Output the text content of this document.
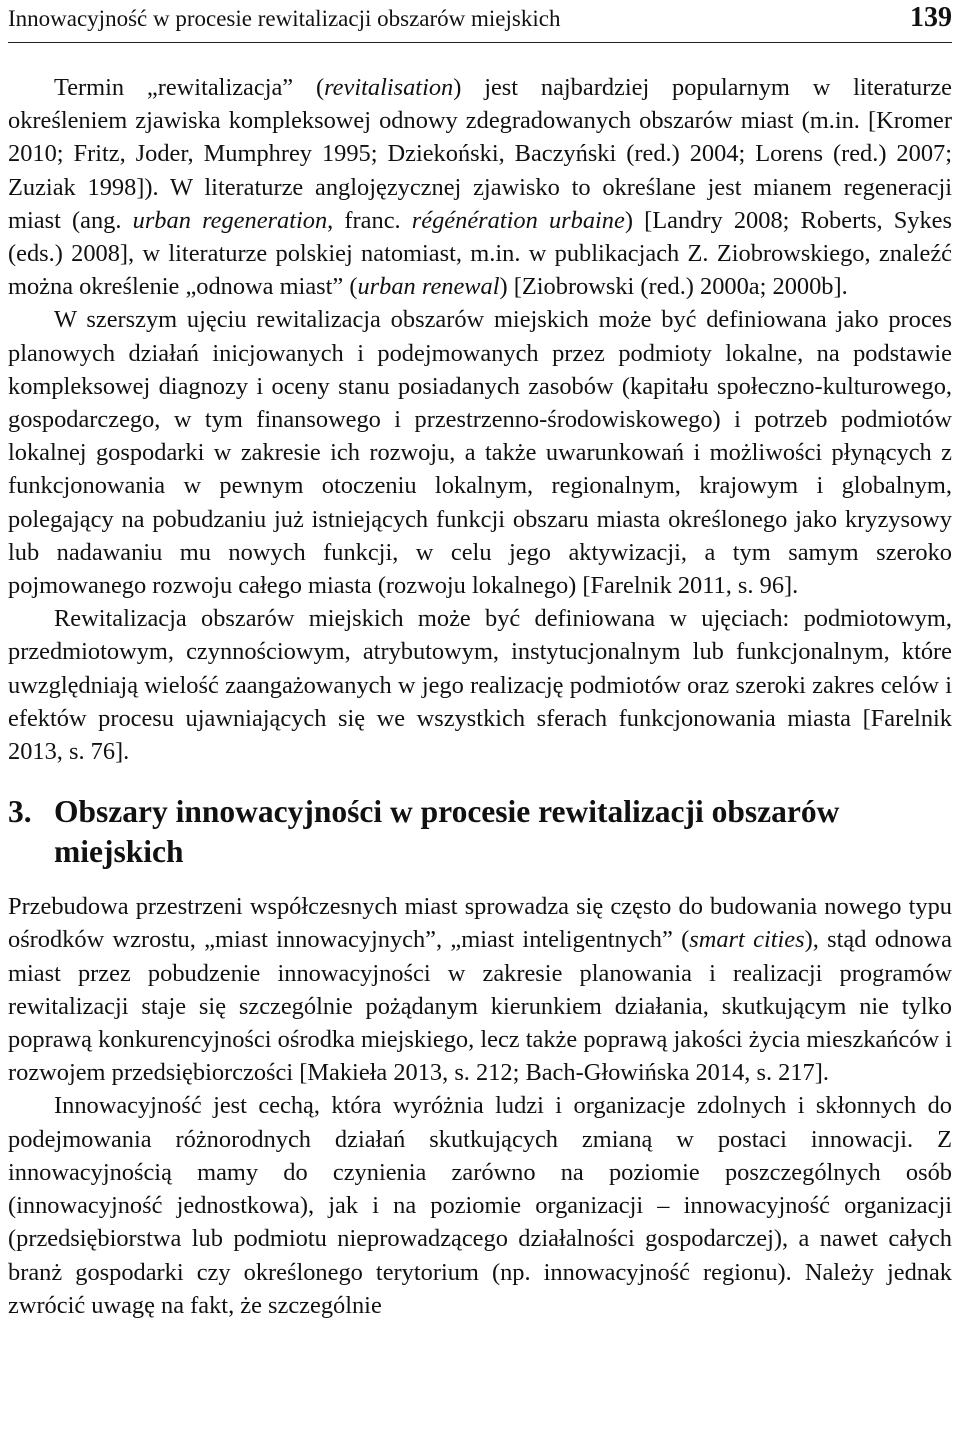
Innowacyjność w procesie rewitalizacji obszarów miejskich	139

Termin „rewitalizacja” (revitalisation) jest najbardziej popularnym w literaturze określeniem zjawiska kompleksowej odnowy zdegradowanych obszarów miast (m.in. [Kromer 2010; Fritz, Joder, Mumphrey 1995; Dziekoński, Baczyński (red.) 2004; Lorens (red.) 2007; Zuziak 1998]). W literaturze anglojęzycznej zjawisko to określane jest mianem regeneracji miast (ang. urban regeneration, franc. régénération urbaine) [Landry 2008; Roberts, Sykes (eds.) 2008], w literaturze polskiej natomiast, m.in. w publikacjach Z. Ziobrowskiego, znaleźć można określenie „odnowa miast” (urban renewal) [Ziobrowski (red.) 2000a; 2000b].

W szerszym ujęciu rewitalizacja obszarów miejskich może być definiowana jako proces planowych działań inicjowanych i podejmowanych przez podmioty lokalne, na podstawie kompleksowej diagnozy i oceny stanu posiadanych zasobów (kapitału społeczno-kulturowego, gospodarczego, w tym finansowego i przestrzenno-środowiskowego) i potrzeb podmiotów lokalnej gospodarki w zakresie ich rozwoju, a także uwarunkowań i możliwości płynących z funkcjonowania w pewnym otoczeniu lokalnym, regionalnym, krajowym i globalnym, polegający na pobudzaniu już istniejących funkcji obszaru miasta określonego jako kryzysowy lub nadawaniu mu nowych funkcji, w celu jego aktywizacji, a tym samym szeroko pojmowanego rozwoju całego miasta (rozwoju lokalnego) [Farelnik 2011, s. 96].

Rewitalizacja obszarów miejskich może być definiowana w ujęciach: podmiotowym, przedmiotowym, czynnościowym, atrybutowym, instytucjonalnym lub funkcjonalnym, które uwzględniają wielość zaangażowanych w jego realizację podmiotów oraz szeroki zakres celów i efektów procesu ujawniających się we wszystkich sferach funkcjonowania miasta [Farelnik 2013, s. 76].

3. Obszary innowacyjności w procesie rewitalizacji obszarów miejskich

Przebudowa przestrzeni współczesnych miast sprowadza się często do budowania nowego typu ośrodków wzrostu, „miast innowacyjnych”, „miast inteligentnych” (smart cities), stąd odnowa miast przez pobudzenie innowacyjności w zakresie planowania i realizacji programów rewitalizacji staje się szczególnie pożądanym kierunkiem działania, skutkującym nie tylko poprawą konkurencyjności ośrodka miejskiego, lecz także poprawą jakości życia mieszkańców i rozwojem przedsiębiorczości [Makieła 2013, s. 212; Bach-Głowińska 2014, s. 217].

Innowacyjność jest cechą, która wyróżnia ludzi i organizacje zdolnych i skłonnych do podejmowania różnorodnych działań skutkujących zmianą w postaci innowacji. Z innowacyjnością mamy do czynienia zarówno na poziomie poszczególnych osób (innowacyjność jednostkowa), jak i na poziomie organizacji – innowacyjność organizacji (przedsiębiorstwa lub podmiotu nieprowadzącego działalności gospodarczej), a nawet całych branż gospodarki czy określonego terytorium (np. innowacyjność regionu). Należy jednak zwrócić uwagę na fakt, że szczególnie
